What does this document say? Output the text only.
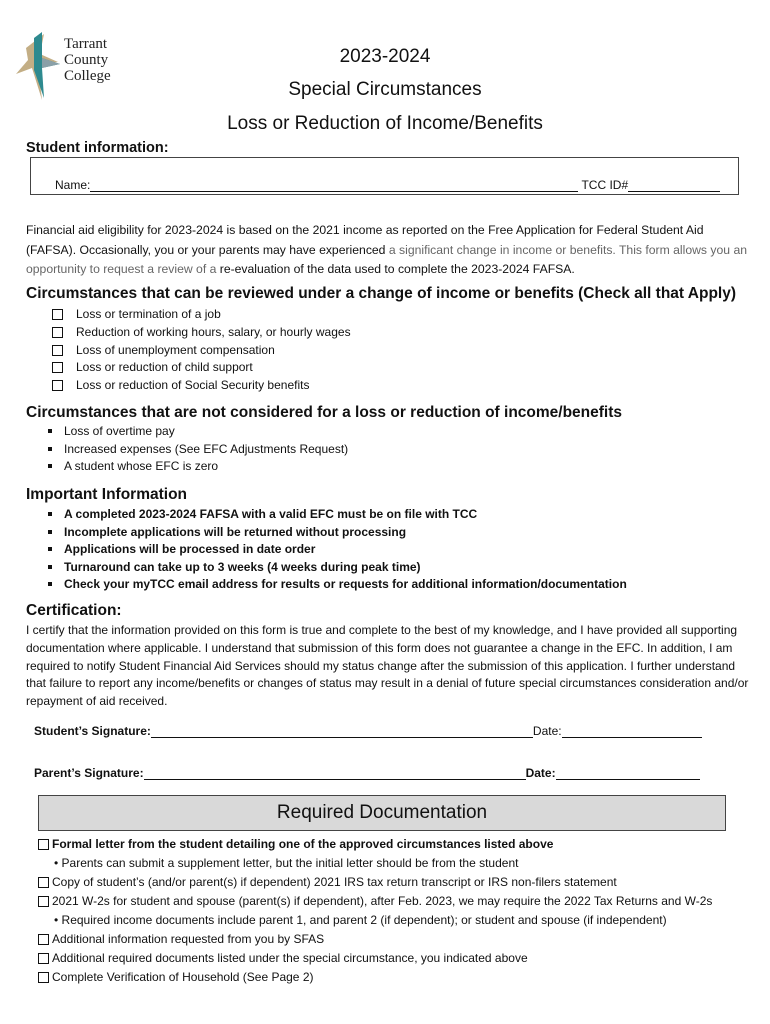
Tarrant
County
College
2023-2024
Special Circumstances
Loss or Reduction of Income/Benefits
Student information:
Name:	TCC ID#
Financial aid eligibility for 2023-2024 is based on the 2021 income as reported on the Free Application for Federal Student Aid (FAFSA). Occasionally, you or your parents may have experienced a significant change in income or benefits. This form allows you an opportunity to request a review of a re-evaluation of the data used to complete the 2023-2024 FAFSA.
Circumstances that can be reviewed under a change of income or benefits (Check all that Apply)
Loss or termination of a job
Reduction of working hours, salary, or hourly wages
Loss of unemployment compensation
Loss or reduction of child support
Loss or reduction of Social Security benefits
Circumstances that are not considered for a loss or reduction of income/benefits
Loss of overtime pay
Increased expenses (See EFC Adjustments Request)
A student whose EFC is zero
Important Information
A completed 2023-2024 FAFSA with a valid EFC must be on file with TCC
Incomplete applications will be returned without processing
Applications will be processed in date order
Turnaround can take up to 3 weeks (4 weeks during peak time)
Check your myTCC email address for results or requests for additional information/documentation
Certification:
I certify that the information provided on this form is true and complete to the best of my knowledge, and I have provided all supporting documentation where applicable. I understand that submission of this form does not guarantee a change in the EFC. In addition, I am required to notify Student Financial Aid Services should my status change after the submission of this application. I further understand that failure to report any income/benefits or changes of status may result in a denial of future special circumstances consideration and/or repayment of aid received.
Student’s Signature:	Date:
Parent’s Signature:	Date:
Required Documentation
Formal letter from the student detailing one of the approved circumstances listed above
• Parents can submit a supplement letter, but the initial letter should be from the student
Copy of student’s (and/or parent(s) if dependent) 2021 IRS tax return transcript or IRS non-filers statement
2021 W-2s for student and spouse (parent(s) if dependent), after Feb. 2023, we may require the 2022 Tax Returns and W-2s
• Required income documents include parent 1, and parent 2 (if dependent); or student and spouse (if independent)
Additional information requested from you by SFAS
Additional required documents listed under the special circumstance, you indicated above
Complete Verification of Household (See Page 2)
